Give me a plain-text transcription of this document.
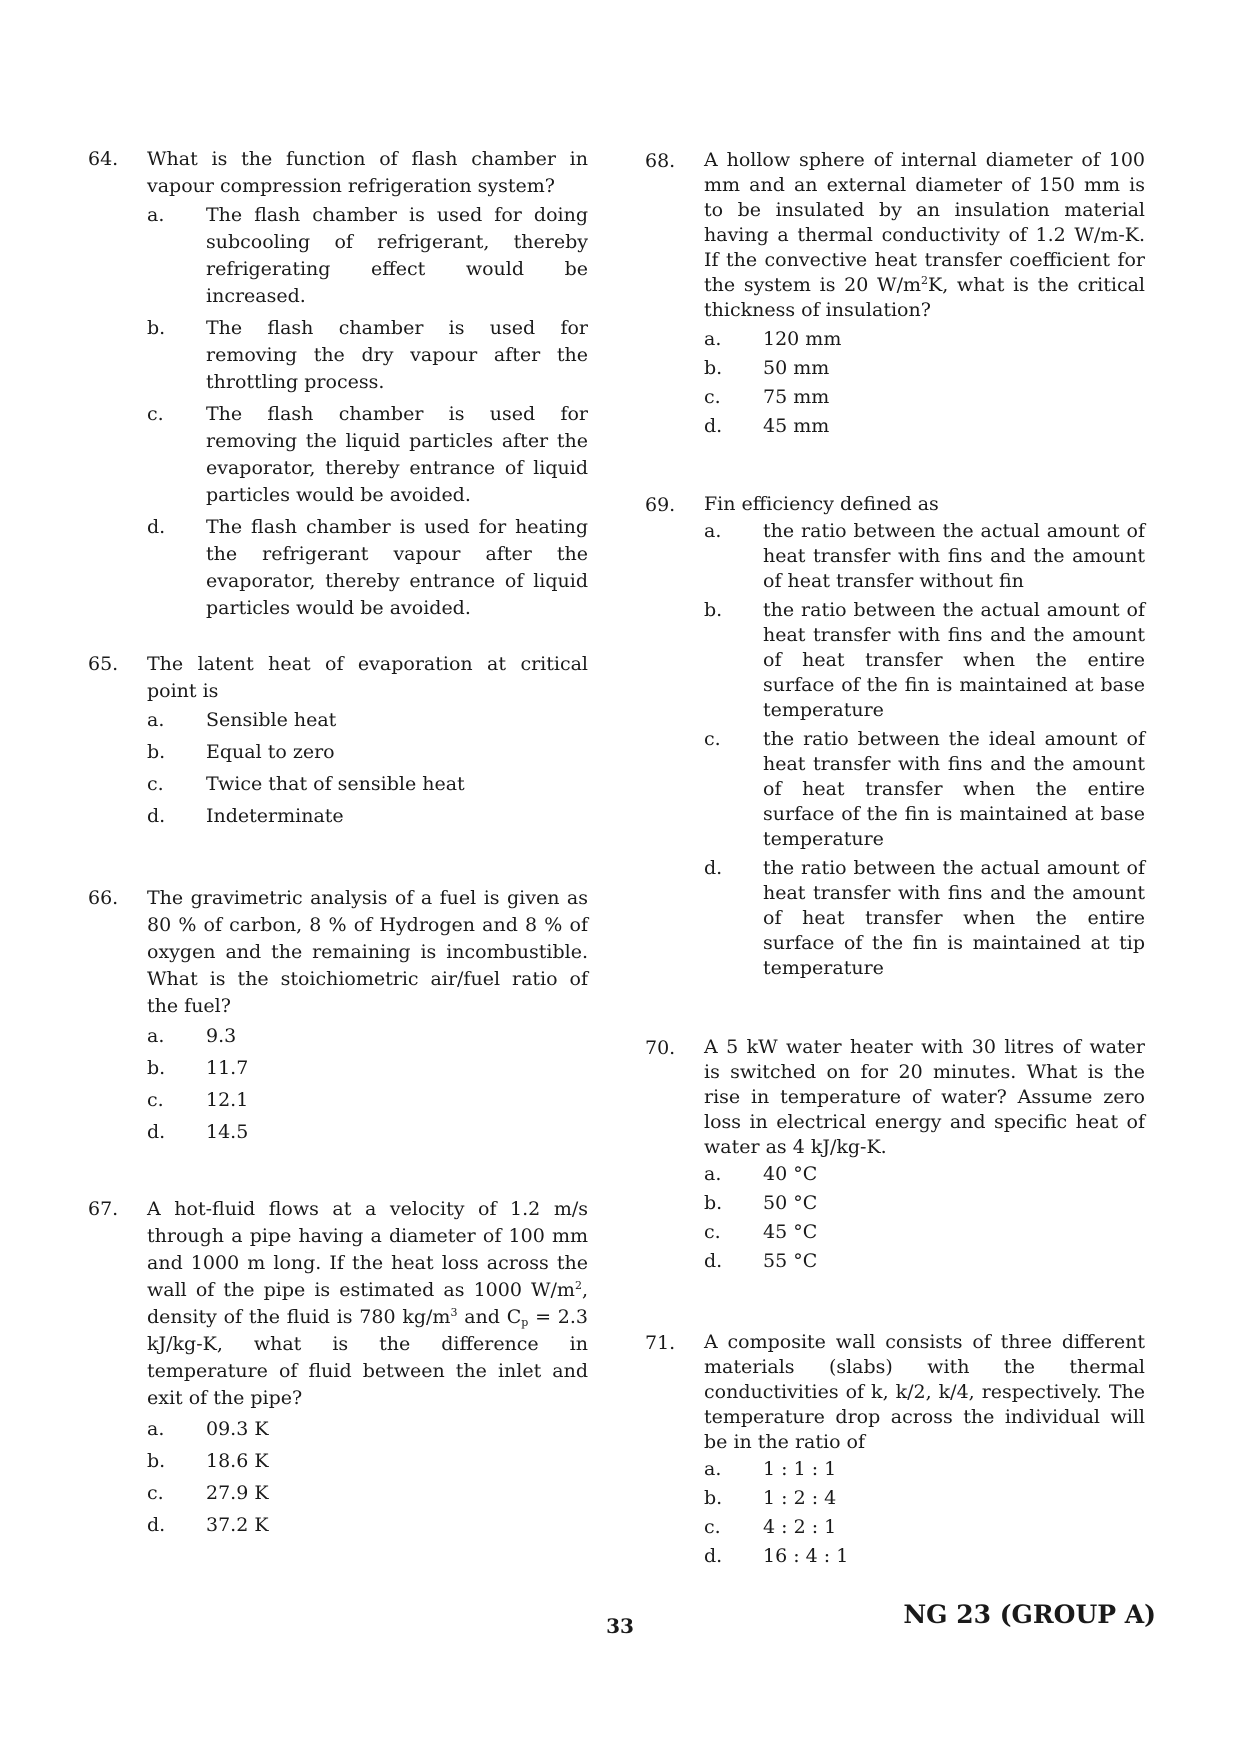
64. What is the function of flash chamber in vapour compression refrigeration system?
a. The flash chamber is used for doing subcooling of refrigerant, thereby refrigerating effect would be increased.
b. The flash chamber is used for removing the dry vapour after the throttling process.
c. The flash chamber is used for removing the liquid particles after the evaporator, thereby entrance of liquid particles would be avoided.
d. The flash chamber is used for heating the refrigerant vapour after the evaporator, thereby entrance of liquid particles would be avoided.
65. The latent heat of evaporation at critical point is
a. Sensible heat
b. Equal to zero
c. Twice that of sensible heat
d. Indeterminate
66. The gravimetric analysis of a fuel is given as 80 % of carbon, 8 % of Hydrogen and 8 % of oxygen and the remaining is incombustible. What is the stoichiometric air/fuel ratio of the fuel?
a. 9.3
b. 11.7
c. 12.1
d. 14.5
67. A hot-fluid flows at a velocity of 1.2 m/s through a pipe having a diameter of 100 mm and 1000 m long. If the heat loss across the wall of the pipe is estimated as 1000 $W/m^2$, density of the fluid is 780 $kg/m^3$ and $C_p = 2.3$ kJ/kg-K, what is the difference in temperature of fluid between the inlet and exit of the pipe?
a. 09.3 K
b. 18.6 K
c. 27.9 K
d. 37.2 K
68. A hollow sphere of internal diameter of 100 mm and an external diameter of 150 mm is to be insulated by an insulation material having a thermal conductivity of 1.2 W/m-K. If the convective heat transfer coefficient for the system is 20 $W/m^2K$, what is the critical thickness of insulation?
a. 120 mm
b. 50 mm
c. 75 mm
d. 45 mm
69. Fin efficiency defined as
a. the ratio between the actual amount of heat transfer with fins and the amount of heat transfer without fin
b. the ratio between the actual amount of heat transfer with fins and the amount of heat transfer when the entire surface of the fin is maintained at base temperature
c. the ratio between the ideal amount of heat transfer with fins and the amount of heat transfer when the entire surface of the fin is maintained at base temperature
d. the ratio between the actual amount of heat transfer with fins and the amount of heat transfer when the entire surface of the fin is maintained at tip temperature
70. A 5 kW water heater with 30 litres of water is switched on for 20 minutes. What is the rise in temperature of water? Assume zero loss in electrical energy and specific heat of water as 4 kJ/kg-K.
a. 40 °C
b. 50 °C
c. 45 °C
d. 55 °C
71. A composite wall consists of three different materials (slabs) with the thermal conductivities of k, k/2, k/4, respectively. The temperature drop across the individual will be in the ratio of
a. 1 : 1 : 1
b. 1 : 2 : 4
c. 4 : 2 : 1
d. 16 : 4 : 1
33	NG 23 (GROUP A)
